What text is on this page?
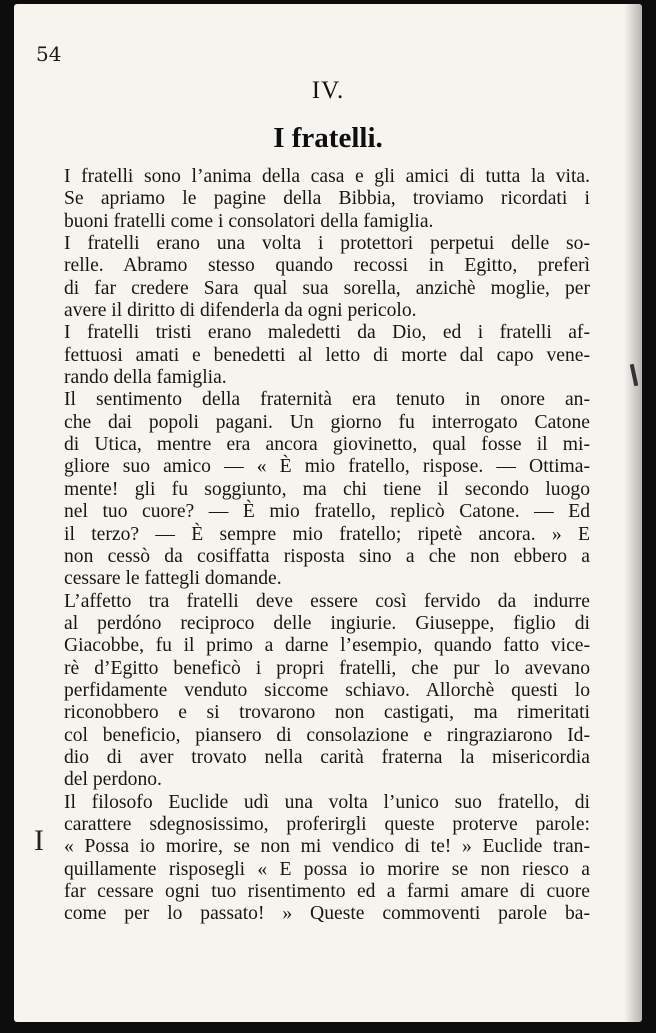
54
IV.
I fratelli.
I fratelli sono l’anima della casa e gli amici di tutta la vita.
Se apriamo le pagine della Bibbia, troviamo ricordati i
buoni fratelli come i consolatori della famiglia.
I fratelli erano una volta i protettori perpetui delle so-
relle. Abramo stesso quando recossi in Egitto, preferì
di far credere Sara qual sua sorella, anzichè moglie, per
avere il diritto di difenderla da ogni pericolo.
I fratelli tristi erano maledetti da Dio, ed i fratelli af-
fettuosi amati e benedetti al letto di morte dal capo vene-
rando della famiglia.
Il sentimento della fraternità era tenuto in onore an-
che dai popoli pagani. Un giorno fu interrogato Catone
di Utica, mentre era ancora giovinetto, qual fosse il mi-
gliore suo amico — « È mio fratello, rispose. — Ottima-
mente! gli fu soggiunto, ma chi tiene il secondo luogo
nel tuo cuore? — È mio fratello, replicò Catone. — Ed
il terzo? — È sempre mio fratello; ripetè ancora. » E
non cessò da cosiffatta risposta sino a che non ebbero a
cessare le fattegli domande.
L’affetto tra fratelli deve essere così fervido da indurre
al perdóno reciproco delle ingiurie. Giuseppe, figlio di
Giacobbe, fu il primo a darne l’esempio, quando fatto vice-
rè d’Egitto beneficò i propri fratelli, che pur lo avevano
perfidamente venduto siccome schiavo. Allorchè questi lo
riconobbero e si trovarono non castigati, ma rimeritati
col beneficio, piansero di consolazione e ringraziarono Id-
dio di aver trovato nella carità fraterna la misericordia
del perdono.
Il filosofo Euclide udì una volta l’unico suo fratello, di
carattere sdegnosissimo, proferirgli queste proterve parole:
« Possa io morire, se non mi vendico di te! » Euclide tran-
quillamente risposegli « E possa io morire se non riesco a
far cessare ogni tuo risentimento ed a farmi amare di cuore
come per lo passato! » Queste commoventi parole ba-
I
